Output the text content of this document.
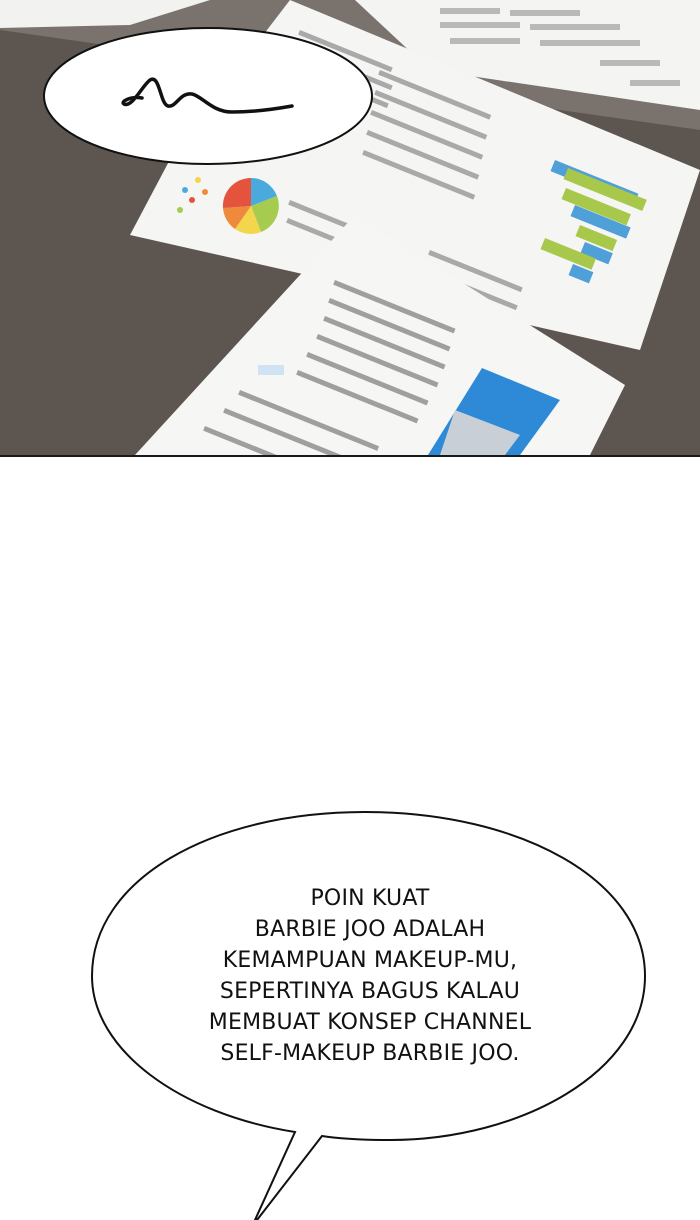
POIN KUAT
BARBIE JOO ADALAH
KEMAMPUAN MAKEUP-MU,
SEPERTINYA BAGUS KALAU
MEMBUAT KONSEP CHANNEL
SELF-MAKEUP BARBIE JOO.
